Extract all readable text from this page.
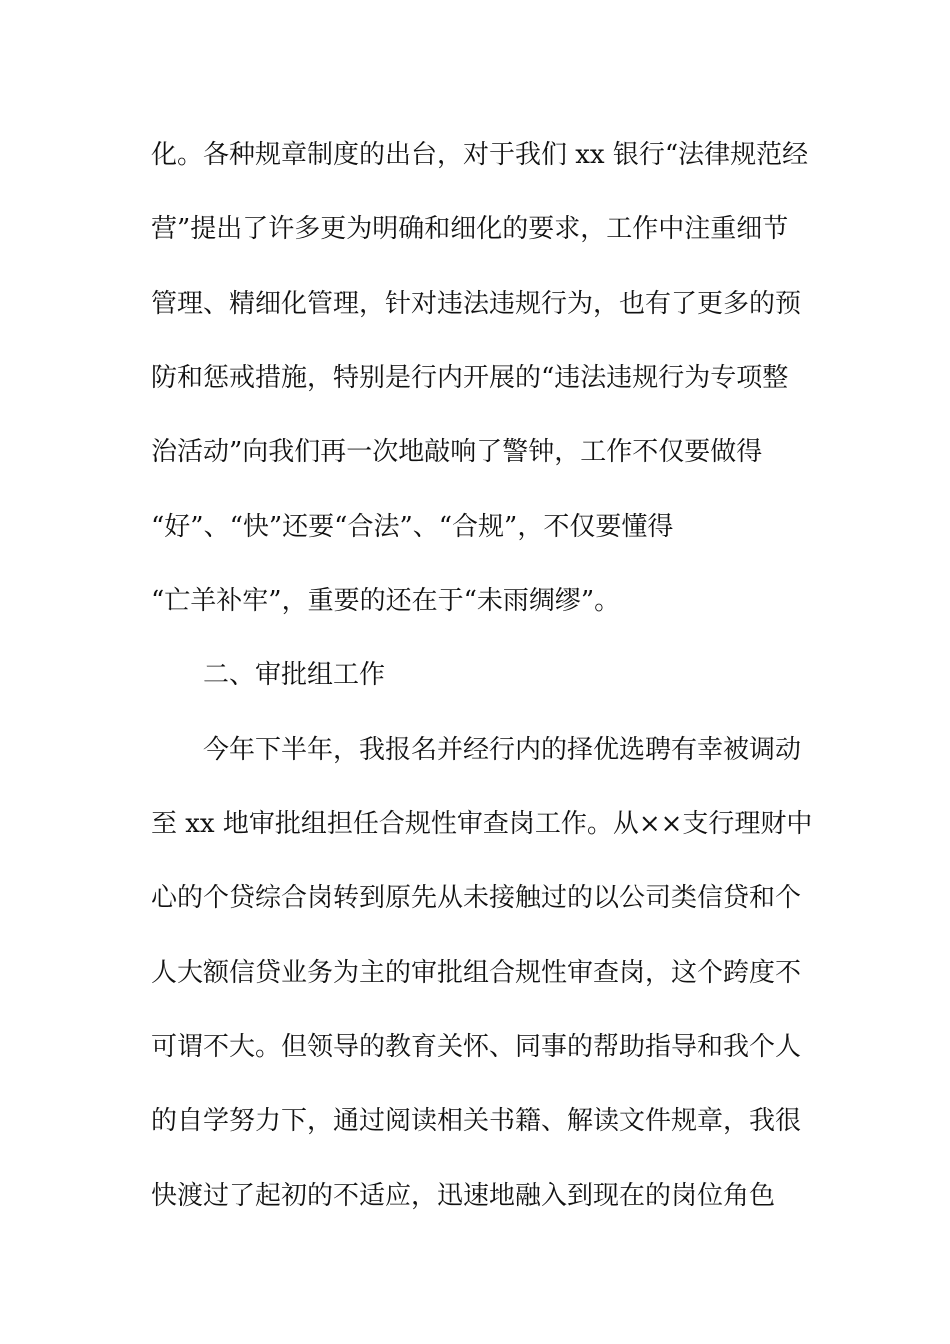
化。各种规章制度的出台，对于我们 xx 银行“法律规范经
营”提出了许多更为明确和细化的要求，工作中注重细节
管理、精细化管理，针对违法违规行为，也有了更多的预
防和惩戒措施，特别是行内开展的“违法违规行为专项整
治活动”向我们再一次地敲响了警钟，工作不仅要做得
“好”、“快”还要“合法”、“合规”，不仅要懂得
“亡羊补牢”，重要的还在于“未雨绸缪”。
二、审批组工作
今年下半年，我报名并经行内的择优选聘有幸被调动
至 xx 地审批组担任合规性审查岗工作。从××支行理财中
心的个贷综合岗转到原先从未接触过的以公司类信贷和个
人大额信贷业务为主的审批组合规性审查岗，这个跨度不
可谓不大。但领导的教育关怀、同事的帮助指导和我个人
的自学努力下，通过阅读相关书籍、解读文件规章，我很
快渡过了起初的不适应，迅速地融入到现在的岗位角色
